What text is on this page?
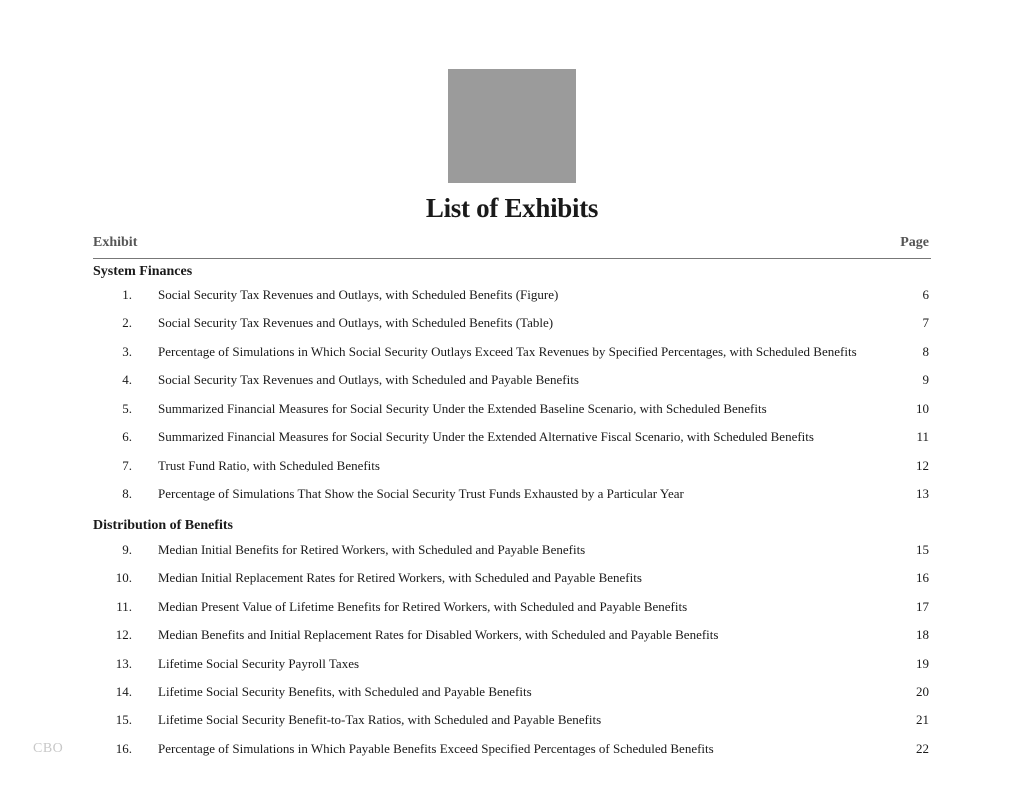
List of Exhibits
Exhibit	Page
System Finances
1. Social Security Tax Revenues and Outlays, with Scheduled Benefits (Figure)	6
2. Social Security Tax Revenues and Outlays, with Scheduled Benefits (Table)	7
3. Percentage of Simulations in Which Social Security Outlays Exceed Tax Revenues by Specified Percentages, with Scheduled Benefits	8
4. Social Security Tax Revenues and Outlays, with Scheduled and Payable Benefits	9
5. Summarized Financial Measures for Social Security Under the Extended Baseline Scenario, with Scheduled Benefits	10
6. Summarized Financial Measures for Social Security Under the Extended Alternative Fiscal Scenario, with Scheduled Benefits	11
7. Trust Fund Ratio, with Scheduled Benefits	12
8. Percentage of Simulations That Show the Social Security Trust Funds Exhausted by a Particular Year	13
Distribution of Benefits
9. Median Initial Benefits for Retired Workers, with Scheduled and Payable Benefits	15
10. Median Initial Replacement Rates for Retired Workers, with Scheduled and Payable Benefits	16
11. Median Present Value of Lifetime Benefits for Retired Workers, with Scheduled and Payable Benefits	17
12. Median Benefits and Initial Replacement Rates for Disabled Workers, with Scheduled and Payable Benefits	18
13. Lifetime Social Security Payroll Taxes	19
14. Lifetime Social Security Benefits, with Scheduled and Payable Benefits	20
15. Lifetime Social Security Benefit-to-Tax Ratios, with Scheduled and Payable Benefits	21
16. Percentage of Simulations in Which Payable Benefits Exceed Specified Percentages of Scheduled Benefits	22
CBO
